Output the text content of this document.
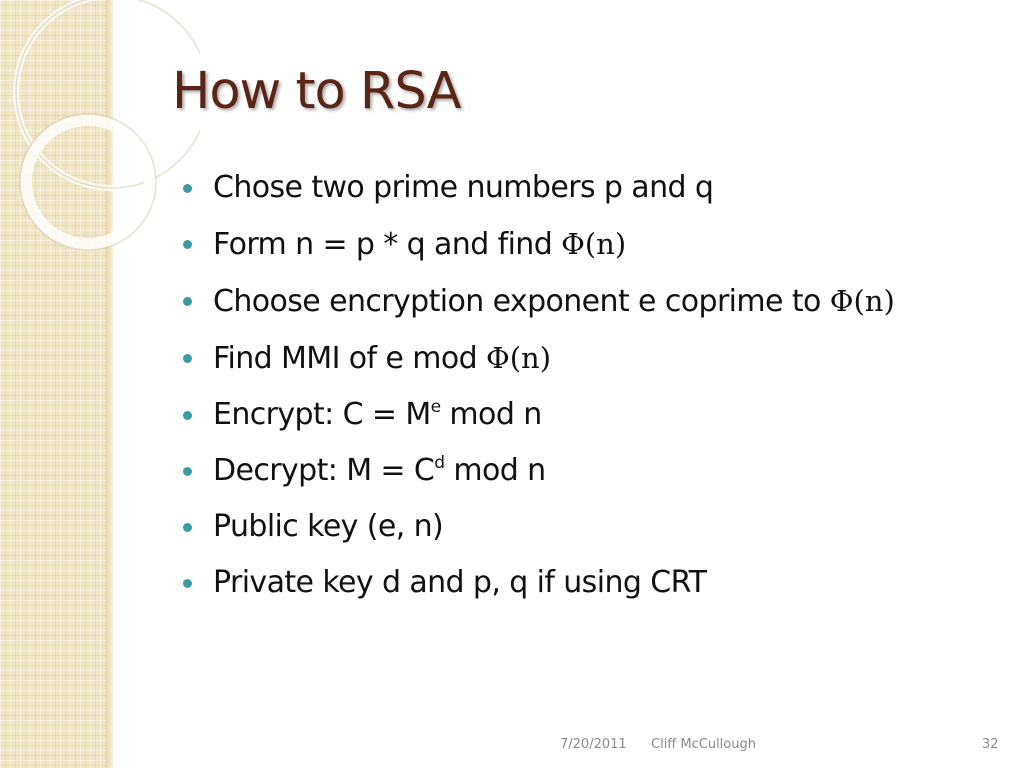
How to RSA
Chose two prime numbers p and q
Form n = p * q and find Φ(n)
Choose encryption exponent e coprime to Φ(n)
Find MMI of e mod Φ(n)
Encrypt: $C = M^e$ mod n
Decrypt: $M = C^d$ mod n
Public key (e, n)
Private key d and p, q if using CRT
7/20/2011 Cliff McCullough	32
